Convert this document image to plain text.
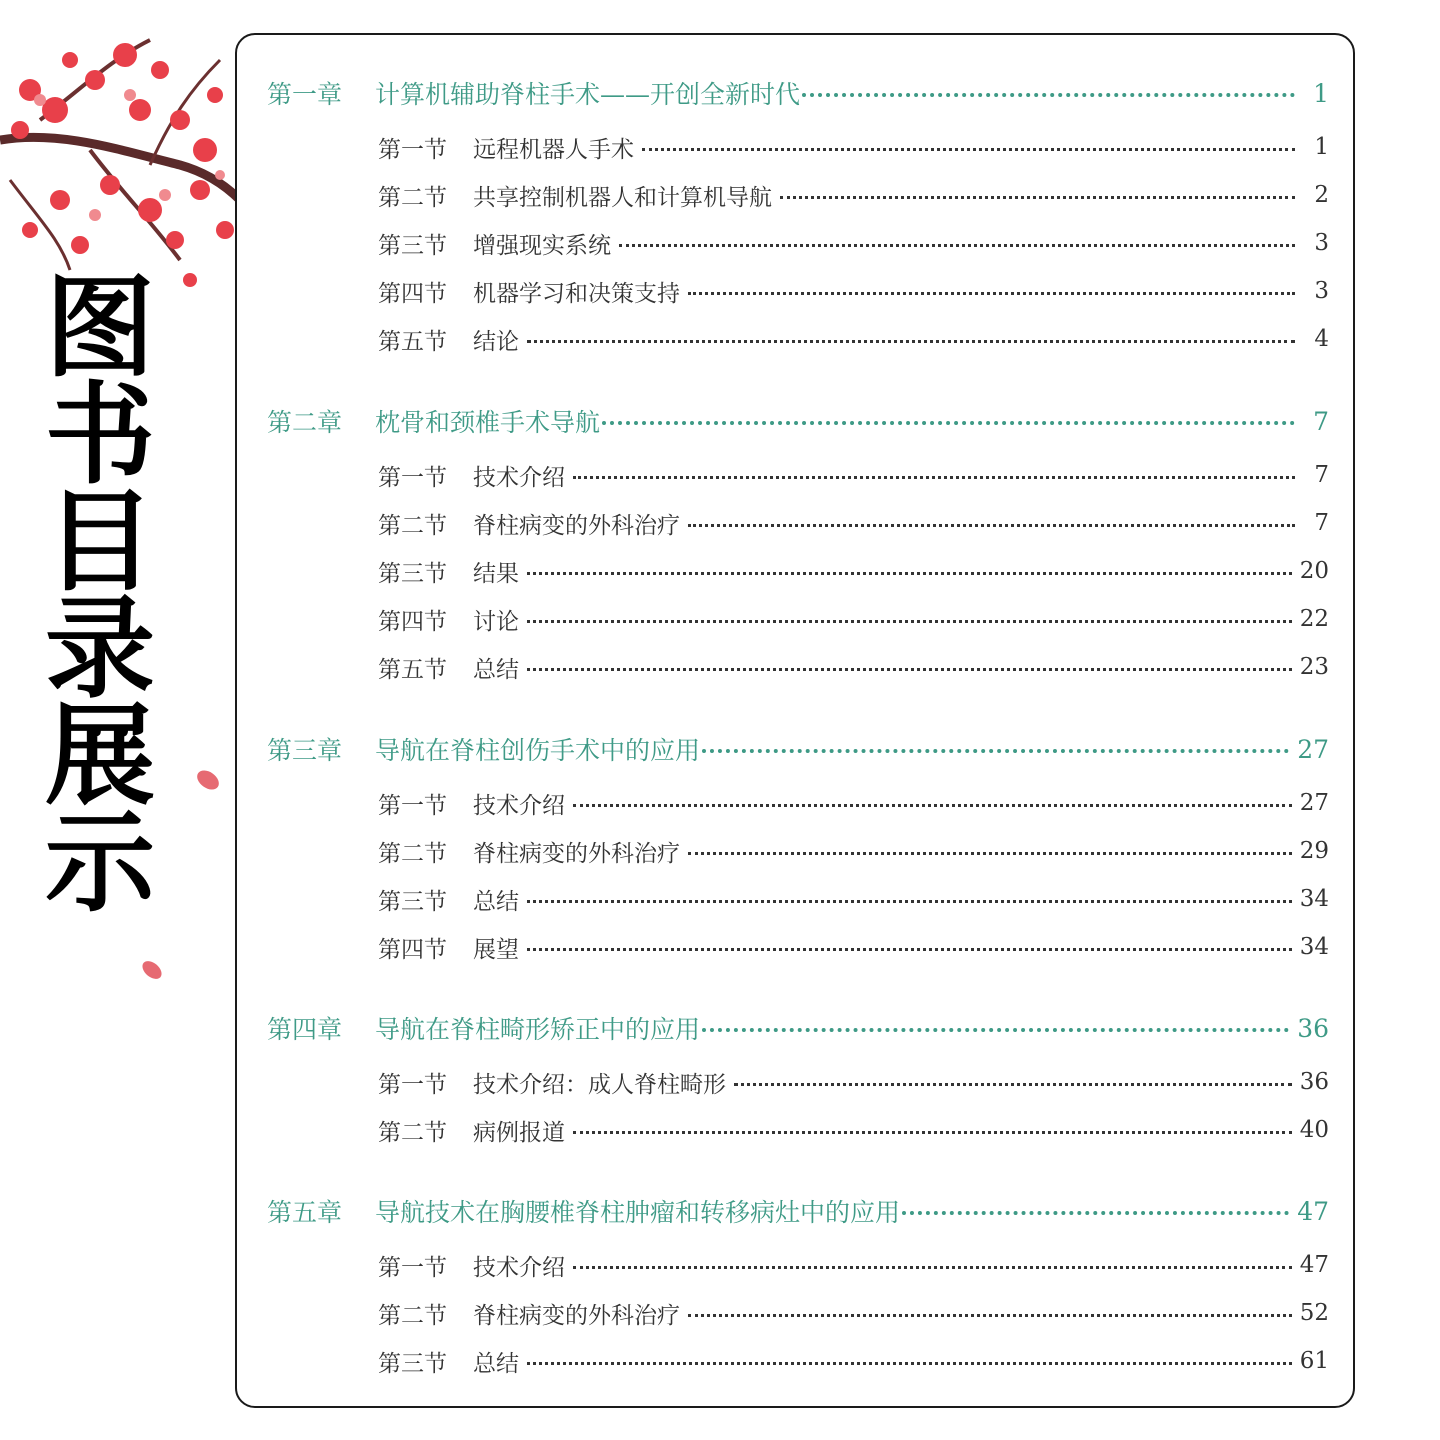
图
书
目
录
展
示
第一章 计算机辅助脊柱手术——开创全新时代	1
第一节 远程机器人手术	1
第二节 共享控制机器人和计算机导航	2
第三节 增强现实系统	3
第四节 机器学习和决策支持	3
第五节 结论	4
第二章 枕骨和颈椎手术导航	7
第一节 技术介绍	7
第二节 脊柱病变的外科治疗	7
第三节 结果	20
第四节 讨论	22
第五节 总结	23
第三章 导航在脊柱创伤手术中的应用	27
第一节 技术介绍	27
第二节 脊柱病变的外科治疗	29
第三节 总结	34
第四节 展望	34
第四章 导航在脊柱畸形矫正中的应用	36
第一节 技术介绍：成人脊柱畸形	36
第二节 病例报道	40
第五章 导航技术在胸腰椎脊柱肿瘤和转移病灶中的应用	47
第一节 技术介绍	47
第二节 脊柱病变的外科治疗	52
第三节 总结	61
